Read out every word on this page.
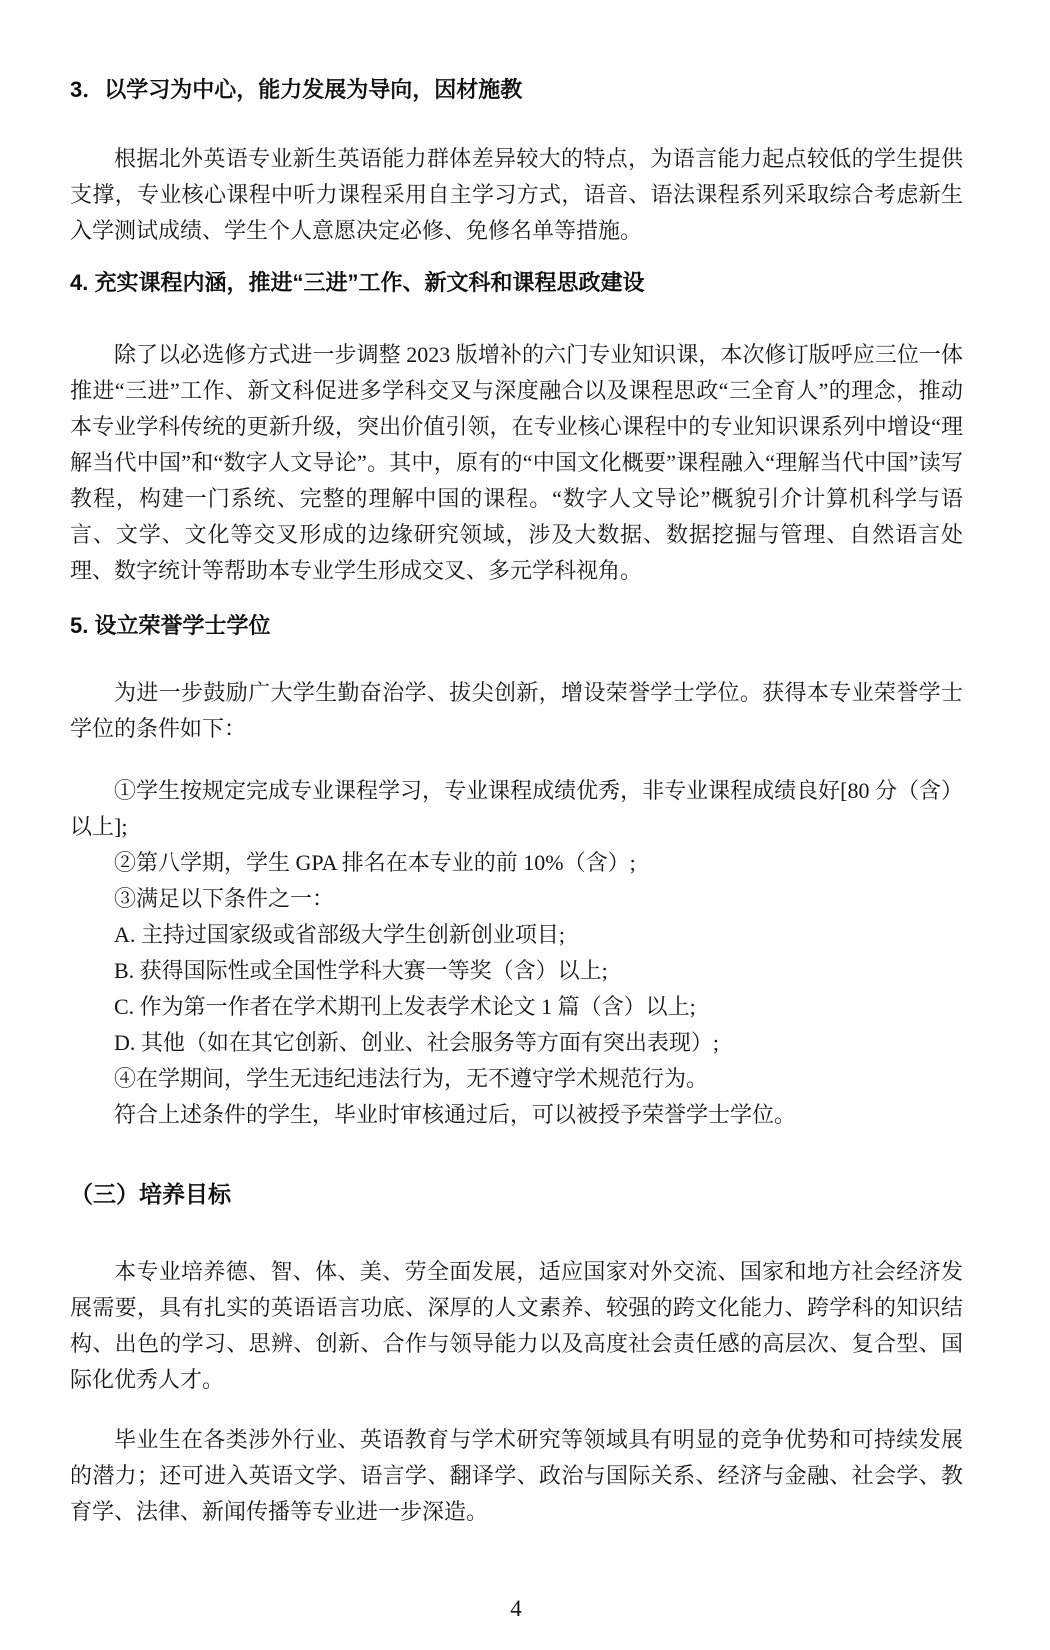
3．以学习为中心，能力发展为导向，因材施教

根据北外英语专业新生英语能力群体差异较大的特点，为语言能力起点较低的学生提供支撑，专业核心课程中听力课程采用自主学习方式，语音、语法课程系列采取综合考虑新生入学测试成绩、学生个人意愿决定必修、免修名单等措施。

4. 充实课程内涵，推进“三进”工作、新文科和课程思政建设

除了以必选修方式进一步调整 2023 版增补的六门专业知识课，本次修订版呼应三位一体推进“三进”工作、新文科促进多学科交叉与深度融合以及课程思政“三全育人”的理念，推动本专业学科传统的更新升级，突出价值引领，在专业核心课程中的专业知识课系列中增设“理解当代中国”和“数字人文导论”。其中，原有的“中国文化概要”课程融入“理解当代中国”读写教程，构建一门系统、完整的理解中国的课程。“数字人文导论”概貌引介计算机科学与语言、文学、文化等交叉形成的边缘研究领域，涉及大数据、数据挖掘与管理、自然语言处理、数字统计等帮助本专业学生形成交叉、多元学科视角。

5. 设立荣誉学士学位

为进一步鼓励广大学生勤奋治学、拔尖创新，增设荣誉学士学位。获得本专业荣誉学士学位的条件如下：

①学生按规定完成专业课程学习，专业课程成绩优秀，非专业课程成绩良好[80 分（含）以上];

②第八学期，学生 GPA 排名在本专业的前 10%（含）;

③满足以下条件之一：

A. 主持过国家级或省部级大学生创新创业项目;

B. 获得国际性或全国性学科大赛一等奖（含）以上;

C. 作为第一作者在学术期刊上发表学术论文 1 篇（含）以上;

D. 其他（如在其它创新、创业、社会服务等方面有突出表现）;

④在学期间，学生无违纪违法行为，无不遵守学术规范行为。

符合上述条件的学生，毕业时审核通过后，可以被授予荣誉学士学位。

（三）培养目标

本专业培养德、智、体、美、劳全面发展，适应国家对外交流、国家和地方社会经济发展需要，具有扎实的英语语言功底、深厚的人文素养、较强的跨文化能力、跨学科的知识结构、出色的学习、思辨、创新、合作与领导能力以及高度社会责任感的高层次、复合型、国际化优秀人才。

毕业生在各类涉外行业、英语教育与学术研究等领域具有明显的竞争优势和可持续发展的潜力；还可进入英语文学、语言学、翻译学、政治与国际关系、经济与金融、社会学、教育学、法律、新闻传播等专业进一步深造。

4
